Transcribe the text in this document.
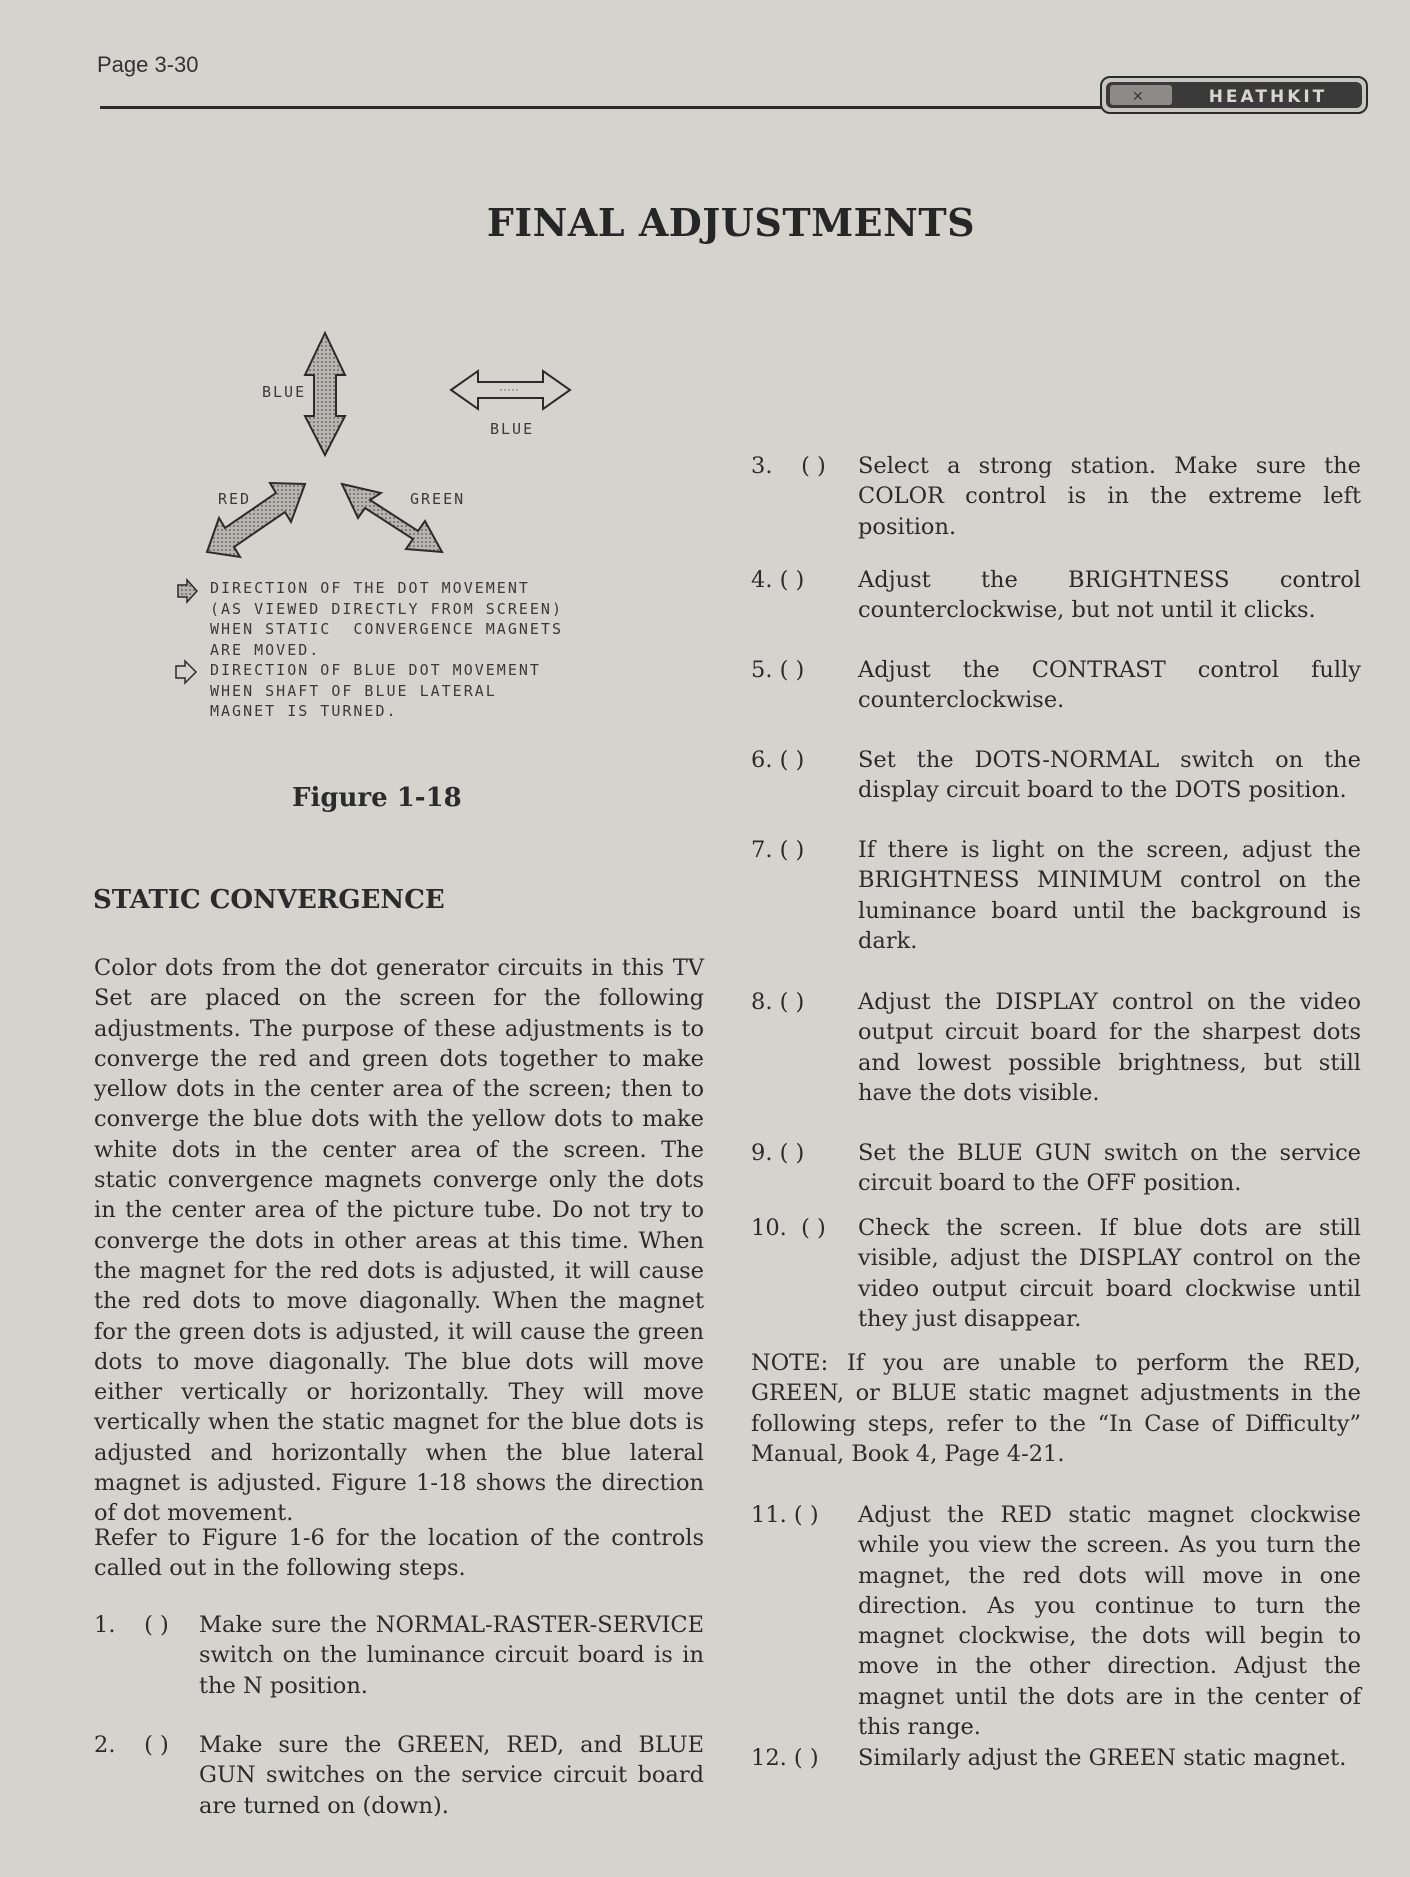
Page 3-30
✕	HEATHKIT
FINAL ADJUSTMENTS
BLUE
BLUE
RED	GREEN
DIRECTION OF THE DOT MOVEMENT
(AS VIEWED DIRECTLY FROM SCREEN)
WHEN STATIC  CONVERGENCE MAGNETS
ARE MOVED.
DIRECTION OF BLUE DOT MOVEMENT
WHEN SHAFT OF BLUE LATERAL
MAGNET IS TURNED.
Figure 1-18
STATIC CONVERGENCE
Color dots from the dot generator circuits in this TV Set are placed on the screen for the following adjustments. The purpose of these adjustments is to converge the red and green dots together to make yellow dots in the center area of the screen; then to converge the blue dots with the yellow dots to make white dots in the center area of the screen. The static convergence magnets converge only the dots in the center area of the picture tube. Do not try to converge the dots in other areas at this time. When the magnet for the red dots is adjusted, it will cause the red dots to move diagonally. When the magnet for the green dots is adjusted, it will cause the green dots to move diagonally. The blue dots will move either vertically or horizontally. They will move vertically when the static magnet for the blue dots is adjusted and horizontally when the blue lateral magnet is adjusted. Figure 1-18 shows the direction of dot movement.
Refer to Figure 1-6 for the location of the controls called out in the following steps.
1.    ( )	Make sure the NORMAL-RASTER-SERVICE switch on the luminance circuit board is in the N position.
2.    ( )	Make sure the GREEN, RED, and BLUE GUN switches on the service circuit board are turned on (down).
3.    ( )	Select a strong station. Make sure the COLOR control is in the extreme left position.
4. ( )	Adjust the BRIGHTNESS control counterclockwise, but not until it clicks.
5. ( )	Adjust the CONTRAST control fully counterclockwise.
6. ( )	Set the DOTS-NORMAL switch on the display circuit board to the DOTS position.
7. ( )	If there is light on the screen, adjust the BRIGHTNESS MINIMUM control on the luminance board until the background is dark.
8. ( )	Adjust the DISPLAY control on the video output circuit board for the sharpest dots and lowest possible brightness, but still have the dots visible.
9. ( )	Set the BLUE GUN switch on the service circuit board to the OFF position.
10.  ( )	Check the screen. If blue dots are still visible, adjust the DISPLAY control on the video output circuit board clockwise until they just disappear.
NOTE: If you are unable to perform the RED, GREEN, or BLUE static magnet adjustments in the following steps, refer to the “In Case of Difficulty” Manual, Book 4, Page 4-21.
11. ( )	Adjust the RED static magnet clockwise while you view the screen. As you turn the magnet, the red dots will move in one direction. As you continue to turn the magnet clockwise, the dots will begin to move in the other direction. Adjust the magnet until the dots are in the center of this range.
12. ( )	Similarly adjust the GREEN static magnet.
